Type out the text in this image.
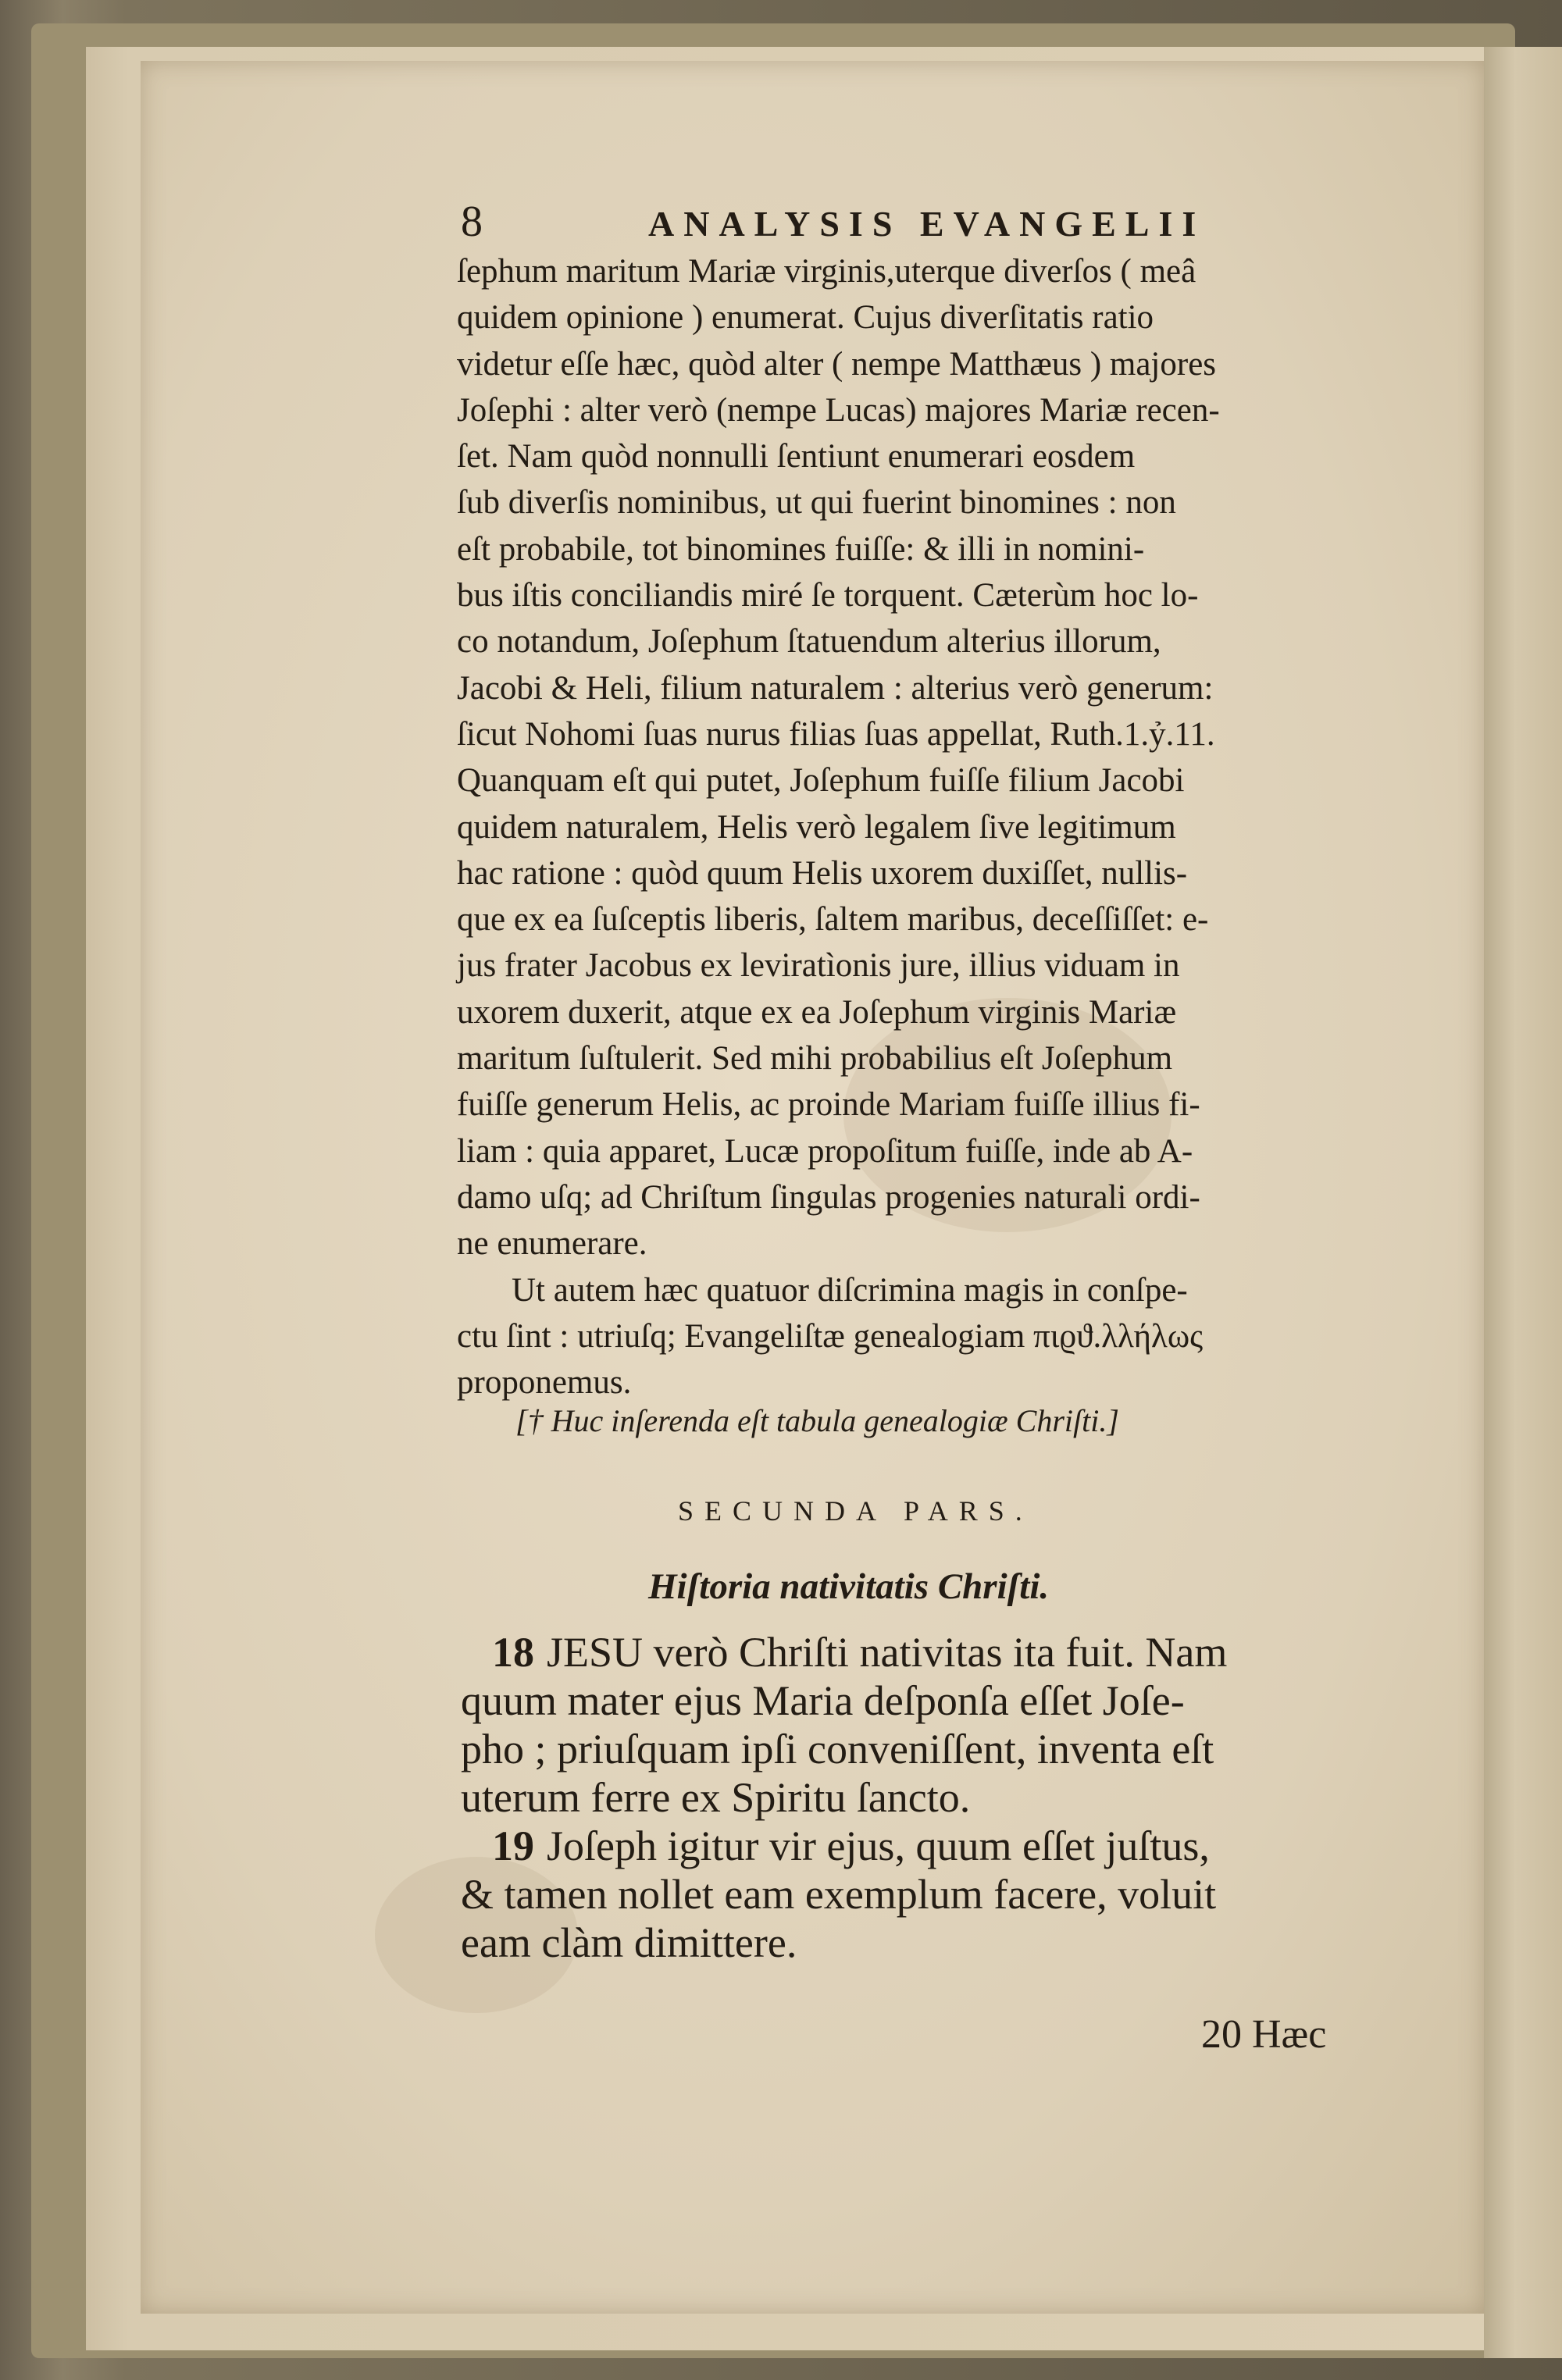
8	ANALYSIS EVANGELII
ſephum maritum Mariæ virginis,uterque diverſos ( meâ
quidem opinione ) enumerat. Cujus diverſitatis ratio
videtur eſſe hæc, quòd alter ( nempe Matthæus ) majores
Joſephi : alter verò (nempe Lucas) majores Mariæ recen-
ſet. Nam quòd nonnulli ſentiunt enumerari eosdem
ſub diverſis nominibus, ut qui fuerint binomines : non
eſt probabile, tot binomines fuiſſe: & illi in nomini-
bus iſtis conciliandis miré ſe torquent. Cæterùm hoc lo-
co notandum, Joſephum ſtatuendum alterius illorum,
Jacobi & Heli, filium naturalem : alterius verò generum:
ſicut Nohomi ſuas nurus filias ſuas appellat, Ruth.1.ỷ.11.
Quanquam eſt qui putet, Joſephum fuiſſe filium Jacobi
quidem naturalem, Helis verò legalem ſive legitimum
hac ratione : quòd quum Helis uxorem duxiſſet, nullis-
que ex ea ſuſceptis liberis, ſaltem maribus, deceſſiſſet: e-
jus frater Jacobus ex leviratìonis jure, illius viduam in
uxorem duxerit, atque ex ea Joſephum virginis Mariæ
maritum ſuſtulerit. Sed mihi probabilius eſt Joſephum
fuiſſe generum Helis, ac proinde Mariam fuiſſe illius fi-
liam : quia apparet, Lucæ propoſitum fuiſſe, inde ab A-
damo uſq; ad Chriſtum ſingulas progenies naturali ordi-
ne enumerare.
Ut autem hæc quatuor diſcrimina magis in conſpe-
ctu ſint : utriuſq; Evangeliſtæ genealogiam πιϱϑ.λλήλως
proponemus.
[† Huc inſerenda eſt tabula genealogiæ Chriſti.]
SECUNDA PARS.
Hiſtoria nativitatis Chriſti.
18 JESU verò Chriſti nativitas ita fuit. Nam
quum mater ejus Maria deſponſa eſſet Joſe-
pho ; priuſquam ipſi conveniſſent, inventa eſt
uterum ferre ex Spiritu ſancto.
19 Joſeph igitur vir ejus, quum eſſet juſtus,
& tamen nollet eam exemplum facere, voluit
eam clàm dimittere.
20 Hæc
